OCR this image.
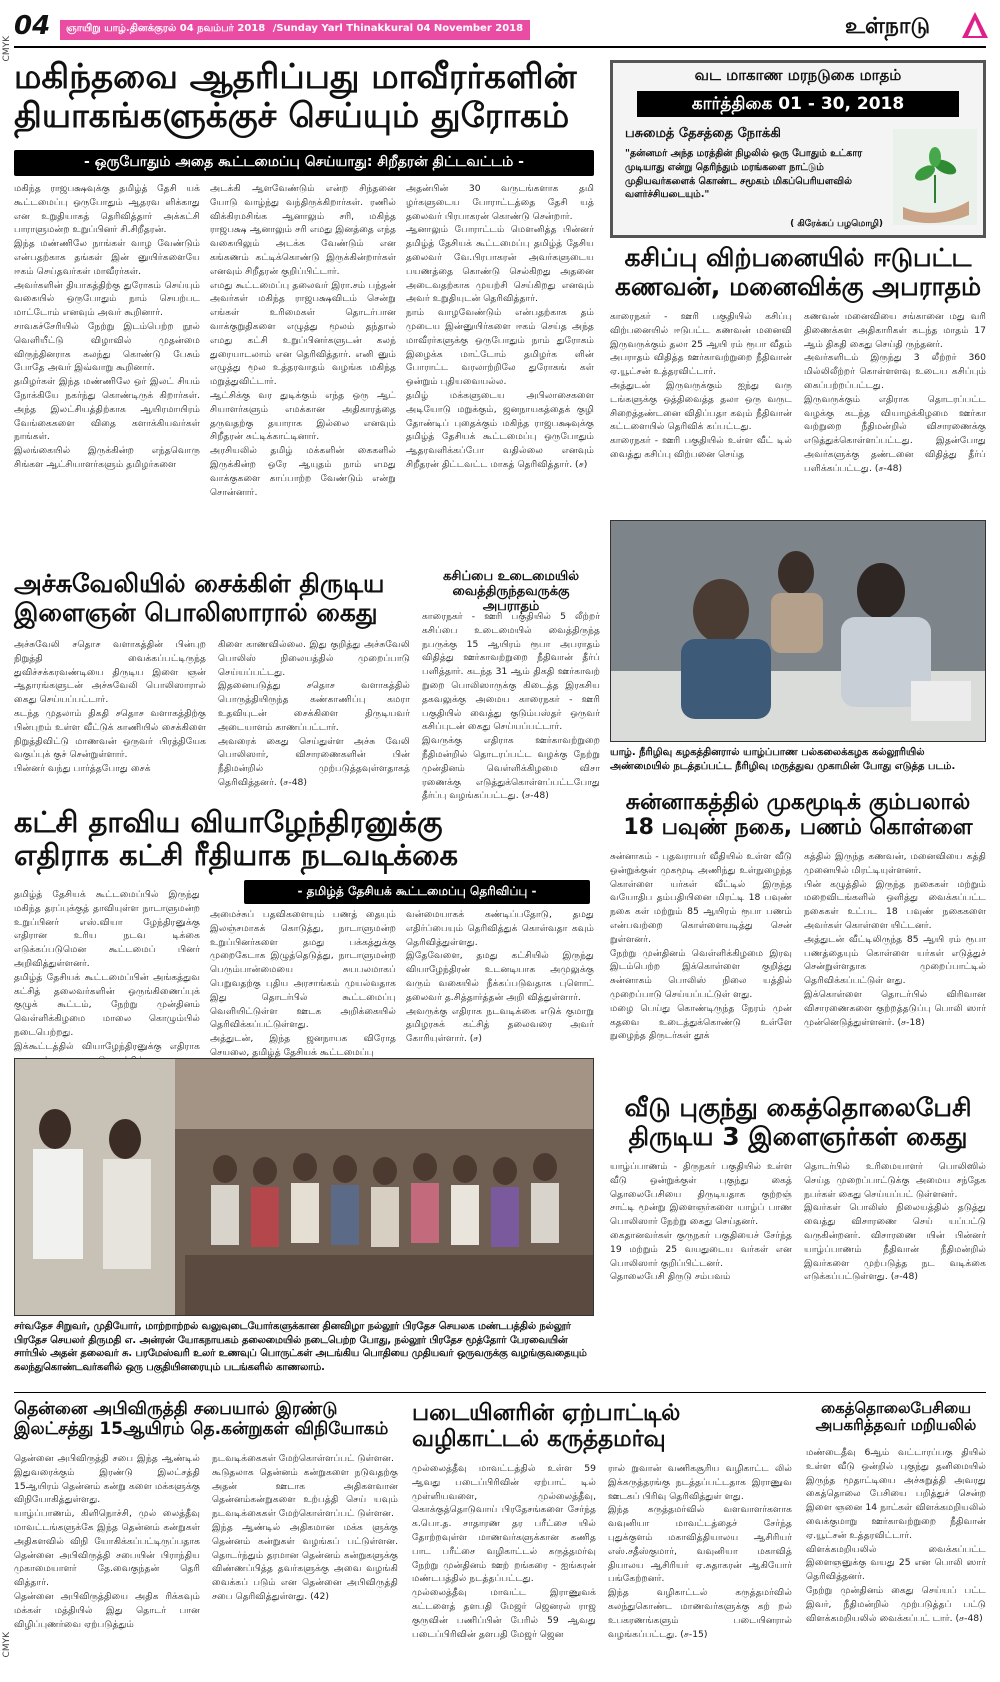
CMYK
CMYK
04	ஞாயிறு யாழ்.தினக்குரல் 04 நவம்பர் 2018 /Sunday Yarl Thinakkural 04 November 2018	உள்நாடு
மகிந்தவை ஆதரிப்பது மாவீரர்களின்
தியாகங்களுக்குச் செய்யும் துரோகம்
- ஒருபோதும் அதை கூட்டமைப்பு செய்யாது: சிறீதரன் திட்டவட்டம் -
மகிந்த ராஜபக்ஷவுக்கு தமிழ்த் தேசி யக் கூட்டமைப்பு ஒருபோதும் ஆதரவ ளிக்காது என உறுதியாகத் தெரிவித்தார் அக்கட்சி பாராளுமன்ற உறுப்பினர் சி.சிறீதரன்.
இந்த மண்ணிலே நாங்கள் வாழ வேண்டும் என்பதற்காக தங்கள் இன் னுயிர்களையே ஈகம் செய்தவர்கள் மாவீரர்கள்.
அவர்களின் தியாகத்திற்கு துரோகம் செய்யும் வகையில் ஒருபோதும் நாம் செயற்பட மாட்டோம் எனவும் அவர் கூறினார்.
சாவகச்சேரியில் நேற்று இடம்பெற்ற நூல் வெளியீட்டு விழாவில் முதன்மை விருந்தினராக கலந்து கொண்டு பேசும் போதே அவர் இவ்வாறு கூறினார்.
தமிழர்கள் இந்த மண்ணிலே ஒர் இலட் சியம் நோக்கியே நகர்ந்து கொண்டிருக் கிறார்கள். அந்த இலட்சியத்திற்காக ஆயிரமாயிரம் வேங்கைகளை விதை களாக்கியவர்கள் நாங்கள்.
இலங்கையில் இருக்கின்ற எந்தவொரு சிங்கள ஆட்சியாளர்களும் தமிழர்களை
அடக்கி ஆளவேண்டும் என்ற சிந்தனை யோடு வாழ்ந்து வந்திருக்கிறார்கள். ரணில் விக்கிரமசிங்க ஆனாலும் சரி, மகிந்த ராஜபக்ஷ ஆனாலும் சரி எமது இனத்தை எந்த வகையிலும் அடக்க வேண்டும் என கங்கணம் கட்டிக்கொண்டு இருக்கின்றார்கள் எனவும் சிறீதரன் குறிப்பிட்டார்.
எமது கூட்டமைப்பு தலைவர் இரா.சம் பந்தன் அவர்கள் மகிந்த ராஜபக்ஷவிடம் சென்று எங்கள் உரிமைகள் தொடர்பான வாக்குறுதிகளை எழுத்து மூலம் தந்தால் எமது கட்சி உறுப்பினர்களுடன் கலந் துரையாடலாம் என தெரிவித்தார். எனி னும் எழுத்து மூல உத்தரவாதம் வழங்க மகிந்த மறுத்துவிட்டார்.
ஆட்சிக்கு வர துடிக்கும் எந்த ஒரு ஆட் சியாளர்களும் எமக்கான அதிகாரத்தை தருவதற்கு தயாராக இல்லை எனவும் சிறீதரன் சுட்டிக்காட்டினார்.
அரசியலில் தமிழ் மக்களின் கைகளில் இருக்கின்ற ஒரே ஆயுதம் நாம் எமது வாக்குகளை காப்பாற்ற வேண்டும் என்று சொன்னார்.
அதன்பின் 30 வருடங்களாக தமி ழர்களுடைய போராட்டத்தை தேசி யத் தலைவர் பிரபாகரன் கொண்டு சென்றார்.
ஆனாலும் போராட்டம் மௌனித்த பின்னர் தமிழ்த் தேசியக் கூட்டமைப்பு தமிழ்த் தேசிய தலைவர் வே.பிரபாகரன் அவர்களுடைய பயணத்தை கொண்டு செல்கிறது அதனை அடைவதற்காக முயற்சி செய்கிறது எனவும் அவர் உறுதியுடன் தெரிவித்தார்.
நாம் வாழவேண்டும் என்பதற்காக தம் முடைய இன்னுயிர்களை ஈகம் செய்த அந்த மாவீரர்களுக்கு ஒருபோதும் நாம் துரோகம் இழைக்க மாட்டோம் தமிழர்க ளின் போராட்ட வரலாற்றிலே துரோகங் கள் ஒன்றும் புதியவையல்ல.
தமிழ் மக்களுடைய அபிலாசைகளை அடியோடு மறுக்கும், ஜனநாயகத்தைக் குழி தோண்டிப் புதைக்கும் மகிந்த ராஜபக்ஷவுக்கு தமிழ்த் தேசியக் கூட்டமைப்பு ஒருபோதும் ஆதரவளிக்கப்போ வதில்லை எனவும் சிறீதரன் திட்டவட்ட மாகத் தெரிவித்தார். (ச)
வட மாகாண மரநடுகை மாதம்
கார்த்திகை 01 - 30, 2018
பசுமைத் தேசத்தை நோக்கி
"தன்னமர் அந்த மரத்தின் நிழலில் ஒரு போதும் உட்கார முடியாது என்று தெரிந்தும் மரங்களை நாட்டும் முதியவர்களைக் கொண்ட சமூகம் மிகப்பெரியளவில் வளர்ச்சியடையும்."
( கிரேக்கப் பழமொழி)
கசிப்பு விற்பனையில் ஈடுபட்ட
கணவன், மனைவிக்கு அபராதம்
காரைநகர் - ஊரி பகுதியில் கசிப்பு விற்பனையில் ஈடுபட்ட கணவன் மனைவி இருவருக்கும் தலா 25 ஆயி ரம் ரூபா வீதம் அபராதம் விதித்த ஊர்காவற்றுறை நீதிவான் ஏ.யூட்சன் உத்தரவிட்டார்.
அத்துடன் இருவருக்கும் ஐந்து வரு டங்களுக்கு ஒத்திவைத்த தலா ஒரு வருட சிறைத்தண்டனை விதிப்பதா கவும் நீதிவான் கட்டளையில் தெரிவிக் கப்பட்டது.
காரைநகர் - ஊரி பகுதியில் உள்ள வீட் டில் வைத்து கசிப்பு விற்பனை செய்த
கணவன் மனைவியை சங்கானை மது வரி திணைக்கள அதிகாரிகள் கடந்த மாதம் 17 ஆம் திகதி கைது செய்தி ருந்தனர்.
அவர்களிடம் இருந்து 3 லீற்றர் 360 மில்லிலீற்றர் கொள்ளளவு உடைய கசிப்பும் கைப்பற்றப்பட்டது.
இருவருக்கும் எதிராக தொடரப்பட்ட வழக்கு கடந்த வியாழக்கிழமை ஊர்கா வற்றுறை நீதிமன்றில் விசாரணைக்கு எடுத்துக்கொள்ளப்பட்டது. இதன்போது அவர்களுக்கு தண்டனை விதித்து தீர்ப் பளிக்கப்பட்டது. (ச-48)
யாழ். நீரிழிவு கழகத்தினரால் யாழ்ப்பாண பல்கலைக்கழக கல்லூரியில் அண்மையில் நடத்தப்பட்ட நீரிழிவு மருத்துவ முகாமின் போது எடுத்த படம்.
அச்சுவேலியில் சைக்கிள் திருடிய
இளைஞன் பொலிஸாரால் கைது
அச்சுவேலி சதொச வளாகத்தின் பின்புற நிறுத்தி வைக்கப்பட்டிருந்த துவிச்சக்கரவண்டியை திருடிய இளை ஞன் ஆதாரங்களுடன் அச்சுவேலி பொலிஸாரால் கைது செய்யப்பட்டார்.
கடந்த முதலாம் திகதி சதொச வளாகத்திற்கு பின்புறம் உள்ள வீட்டுக் காணியில் சைக்கிளை நிறுத்திவிட்டு மாணவன் ஒருவர் பிரத்தியேக வகுப்புக் குச் சென்றுள்ளார்.
பின்னர் வந்து பார்த்தபோது சைக்
கிளை காணவில்லை. இது குறித்து அச்சுவேலி பொலிஸ் நிலையத்தில் முறைப்பாடு செய்யப்பட்டது.
இதனையடுத்து சதொச வளாகத்தில் பொருத்தியிருந்த கண்காணிப்பு கமரா உதவியுடன் சைக்கிளை திருடியவர் அடையாளம் காணப்பட்டார்.
அவரைக் கைது செய்துள்ள அச்சு வேலி பொலிஸார், விசாரணைகளின் பின் நீதிமன்றில் முற்படுத்தவுள்ளதாகத் தெரிவித்தனர். (ச-48)
கசிப்பை உடைமையில்
வைத்திருந்தவருக்கு அபராதம்
காரைநகர் - ஊரி பகுதியில் 5 லீற்றர் கசிப்பை உடைமையில் வைத்திருந்த நபருக்கு 15 ஆயிரம் ரூபா அபராதம் விதித்து ஊர்காவற்றுறை நீதிவான் தீர்ப் பளித்தார். கடந்த 31 ஆம் திகதி ஊர்காவற் றுறை பொலிஸாருக்கு கிடைத்த இரகசிய தகவலுக்கு அமைய காரைநகர் - ஊரி பகுதியில் வைத்து குடும்பஸ்தர் ஒருவர் கசிப்புடன் கைது செய்யப்பட்டார்.
இவருக்கு எதிராக ஊர்காவற்றுறை நீதிமன்றில் தொடரப்பட்ட வழக்கு நேற்று முன்தினம் வெள்ளிக்கிழமை விசா ரணைக்கு எடுத்துக்கொள்ளப்பட்டபோது தீர்ப்பு வழங்கப்பட்டது. (ச-48)
கட்சி தாவிய வியாழேந்திரனுக்கு
எதிராக கட்சி ரீதியாக நடவடிக்கை
- தமிழ்த் தேசியக் கூட்டமைப்பு தெரிவிப்பு -
தமிழ்த் தேசியக் கூட்டமைப்பில் இருந்து மகிந்த தரப்புக்குத் தாவியுள்ள நாடாளுமன்ற உறுப்பினர் எஸ்.வியா ழேந்திரனுக்கு எதிரான உரிய நடவ டிக்கை எடுக்கப்படுமென கூட்டமைப் பினர் அறிவித்துள்ளனர்.
தமிழ்த் தேசியக் கூட்டமைப்பின் அங்கத்துவ கட்சித் தலைவர்களின் ஒருங்கிணைப்புக் குழுக் கூட்டம், நேற்று முன்தினம் வெள்ளிக்கிழமை மாலை கொழும்பில் நடைபெற்றது.
இக்கூட்டத்தில் வியாழேந்திரனுக்கு எதிராக
அமைச்சுப் பதவிகளையும் பணத் தையும் இலஞ்சமாகக் கொடுத்து, நாடாளுமன்ற உறுப்பினர்களை தமது பக்கத்துக்கு முறைகேடாக இழுத்தெடுத்து, நாடாளுமன்ற பெரும்பான்மையை சுயபலமாகப் பெறுவதற்கு புதிய அரசாங்கம் முயல்வதாக இது தொடர்பில் கூட்டமைப்பு வெளியிட்டுள்ள ஊடக அறிக்கையில் தெரிவிக்கப்பட்டுள்ளது.
அத்துடன், இந்த ஜனநாயக விரோத செயலை, தமிழ்த் தேசியக் கூட்டமைப்பு
வன்மையாகக் கண்டிப்பதோடு, தமது எதிர்ப்பையும் தெரிவித்துக் கொள்வதா கவும் தெரிவித்துள்ளது.
இதேவேளை, தமது கட்சியில் இருந்து வியாழேந்திரன் உடனடியாக அமுலுக்கு வரும் வகையில் நீக்கப்படுவதாக புளொட் தலைவர் த.சித்தார்த்தன் அறி வித்துள்ளார்.
அவருக்கு எதிராக நடவடிக்கை எடுக் குமாறு தமிழரசுக் கட்சித் தலைவரை அவர் கோரியுள்ளார். (ச)
சுன்னாகத்தில் முகமூடிக் கும்பலால்
18 பவுண் நகை, பணம் கொள்ளை
சுன்னாகம் - புதவராயர் வீதியில் உள்ள வீடு ஒன்றுக்குள் முகமூடி அணிந்து உள்நுழைந்த கொள்ளை யர்கள் வீட்டில் இருந்த வயோதிப தம்பதியினை மிரட்டி 18 பவுண் நகை கள் மற்றும் 85 ஆயிரம் ரூபா பணம் என்பவற்றை கொள்ளையடித்து சென் றுள்ளனர்.
நேற்று முன்தினம் வெள்ளிக்கிழமை இரவு இடம்பெற்ற இக்கொள்ளை குறித்து சுன்னாகம் பொலிஸ் நிலை யத்தில் முறைப்பாடு செய்யப்பட்டுள் ளது.
மழை பெய்து கொண்டிருந்த நேரம் முன் கதவை உடைத்துக்கொண்டு உள்ளே நுழைந்த திருடர்கள் தூக்
கத்தில் இருந்த கணவன், மனைவியை கத்தி முனையில் மிரட்டியுள்ளனர்.
பின் கழுத்தில் இருந்த நகைகள் மற்றும் மறைவிடங்களில் ஒளித்து வைக்கப்பட்ட நகைகள் உட்பட 18 பவுண் நகைகளை அவர்கள் கொள்ளை யிட்டனர்.
அத்துடன் வீட்டிலிருந்த 85 ஆயி ரம் ரூபா பணத்தையும் கொள்ளை யர்கள் எடுத்துச் சென்றுள்ளதாக முறைப்பாட்டில் தெரிவிக்கப்பட்டுள் ளது.
இக்கொள்ளை தொடர்பில் விரிவான விசாரணைகளை குற்றத்தடுப்பு பொலி ஸார் முன்னெடுத்துள்ளனர். (ச-18)
சர்வதேச சிறுவர், முதியோர், மாற்றாற்றல் வலுவுடையோர்களுக்கான தினவிழா நல்லூர் பிரதேச செயலக மண்டபத்தில் நல்லூர் பிரதேச செயலர் திருமதி எ. அன்ரன் யோகநாயகம் தலைமையில் நடைபெற்ற போது, நல்லூர் பிரதேச மூத்தோர் பேரவையின் சார்பில் அதன் தலைவர் சு. பரமேஸ்வரி உலர் உணவுப் பொருட்கள் அடங்கிய பொதியை முதியவர் ஒருவருக்கு வழங்குவதையும் கலந்துகொண்டவர்களில் ஒரு பகுதியினரையும் படங்களில் காணலாம்.
வீடு புகுந்து கைத்தொலைபேசி
திருடிய 3 இளைஞர்கள் கைது
யாழ்ப்பாணம் - திருநகர் பகுதியில் உள்ள வீடு ஒன்றுக்குள் புகுந்து கைத் தொலைபேசியை திருடியதாக குற்றஞ் சாட்டி மூன்று இளைஞர்களை யாழ்ப் பாண பொலிஸார் நேற்று கைது செய்தனர்.
கைதானவர்கள் குருநகர் பகுதியைச் சேர்ந்த 19 மற்றும் 25 வயதுடைய வர்கள் என பொலிஸார் குறிப்பிட்டனர்.
தொலைபேசி திருடு சம்பவம்
தொடர்பில் உரிமையாளர் பொலிஸில் செய்த முறைப்பாட்டுக்கு அமைய சந்தேக நபர்கள் கைது செய்யப்பட் டுள்ளனர்.
இவர்கள் பொலிஸ் நிலையத்தில் தடுத்து வைத்து விசாரணை செய் யப்பட்டு வருகின்றனர். விசாரணை யின் பின்னர் யாழ்ப்பாணம் நீதிவான் நீதிமன்றில் இவர்களை முற்படுத்த நட வடிக்கை எடுக்கப்பட்டுள்ளது. (ச-48)
தென்னை அபிவிருத்தி சபையால் இரண்டு
இலட்சத்து 15ஆயிரம் தெ.கன்றுகள் விநியோகம்
தென்னை அபிவிருத்தி சபை இந்த ஆண்டில் இதுவரைக்கும் இரண்டு இலட்சத்தி 15ஆயிரம் தென்னம் கன்று களை மக்களுக்கு விநியோகித்துள்ளது.
யாழ்ப்பாணம், கிளிநொச்சி, முல் லைத்தீவு மாவட்டங்களுக்கே இந்த தென்னம் கன்றுகள் அதிகளவில் விநி யோகிக்கப்பட்டிருப்பதாக தென்னை அபிவிருத்தி சபையின் பிராந்திய முகாமையாளர் தே.வைகுந்தன் தெரி வித்தார்.
தென்னை அபிவிருத்தியை அதிக ரிக்கவும் மக்கள் மத்தியில் இது தொடர் பான விழிப்புணர்வை ஏற்படுத்தும்
நடவடிக்கைகள் மேற்கொள்ளப்பட் டுள்ளன.
கூடுதலாக தென்னம் கன்றுகளை நடுவதற்கு அதன் ஊடாக அதிகளவான தென்னம்கன்றுகளை உற்பத்தி செய் யவும் நடவடிக்கைகள் மேற்கொள்ளப்பட் டுள்ளன.
இந்த ஆண்டில் அதிகமான மக்க ளுக்கு தென்னம் கன்றுகள் வழங்கப் பட்டுள்ளன. தொடர்ந்தும் தரமான தென்னம் கன்றுகளுக்கு விண்ணப்பித்த தவர்களுக்கு அவை வழங்கி வைக்கப் படும் என தென்னை அபிவிருத்தி சபை தெரிவித்துள்ளது. (42)
படையினரின் ஏற்பாட்டில்
வழிகாட்டல் கருத்தமர்வு
முல்லைத்தீவு மாவட்டத்தில் உள்ள 59 ஆவது படைப்பிரிவின் ஏற்பாட் டில் முள்ளியவளை, முல்லைத்தீவு, கொக்குத்தொடுவாய் பிரதேசங்களை சேர்ந்த க.பொ.த. சாதாரண தர பரீட்சை யில் தோற்றவுள்ள மாணவர்களுக்கான கணித பாட பரீட்சை வழிகாட்டல் கருத்தமர்வு நேற்று முன்தினம் ஊற் றங்கரை - ஐங்கரன் மண்டபத்தில் நடத்தப்பட்டது.
முல்லைத்தீவு மாவட்ட இராணுவக் கட்டளைத் தளபதி மேஜர் ஜெனரல் ராஜ குருவின் பணிப்பின் பேரில் 59 ஆவது படைப்பிரிவின் தளபதி மேஜர் ஜென
ரால் றுவான் வணிகசூரிய வழிகாட்ட லில் இக்கருத்தரங்கு நடத்தப்பட்டதாக இராணுவ ஊடகப் பிரிவு தெரிவித்துள் ளது.
இந்த கருத்தமர்வில் வளவாளர்களாக வவுனியா மாவட்டத்தைச் சேர்ந்த புதுக்குளம் மகாவித்தியாலய ஆசிரியர் எஸ்.சதீஸ்குமார், வவுனியா மகாவித் தியாலய ஆசிரியர் ஏ.சுதாகரன் ஆகியோர் பங்கேற்றனர்.
இந்த வழிகாட்டல் கருத்தமர்வில் கலந்துகொண்ட மாணவர்களுக்கு கற் றல் உபகரணங்களும் படையினரால் வழங்கப்பட்டது. (ச-15)
கைத்தொலைபேசியை
அபகரித்தவர் மறியலில்
மண்டைதீவு 6ஆம் வட்டாரப்பகு தியில் உள்ள வீடு ஒன்றில் புகுந்து தனிமையில் இருந்த மூதாட்டியை அச்சுறுத்தி அவரது கைத்தொலை பேசியை பறித்துச் சென்ற இளை ஞனை 14 நாட்கள் விளக்கமறியலில் வைக்குமாறு ஊர்காவற்றுறை நீதிவான் ஏ.யூட்சன் உத்தரவிட்டார்.
விளக்கமறியலில் வைக்கப்பட்ட இளைஞனுக்கு வயது 25 என பொலி ஸார் தெரிவித்தனர்.
நேற்று முன்தினம் கைது செய்யப் பட்ட இவர், நீதிமன்றில் முற்படுத்தப் பட்டு விளக்கமறியலில் வைக்கப்பட் டார். (ச-48)
